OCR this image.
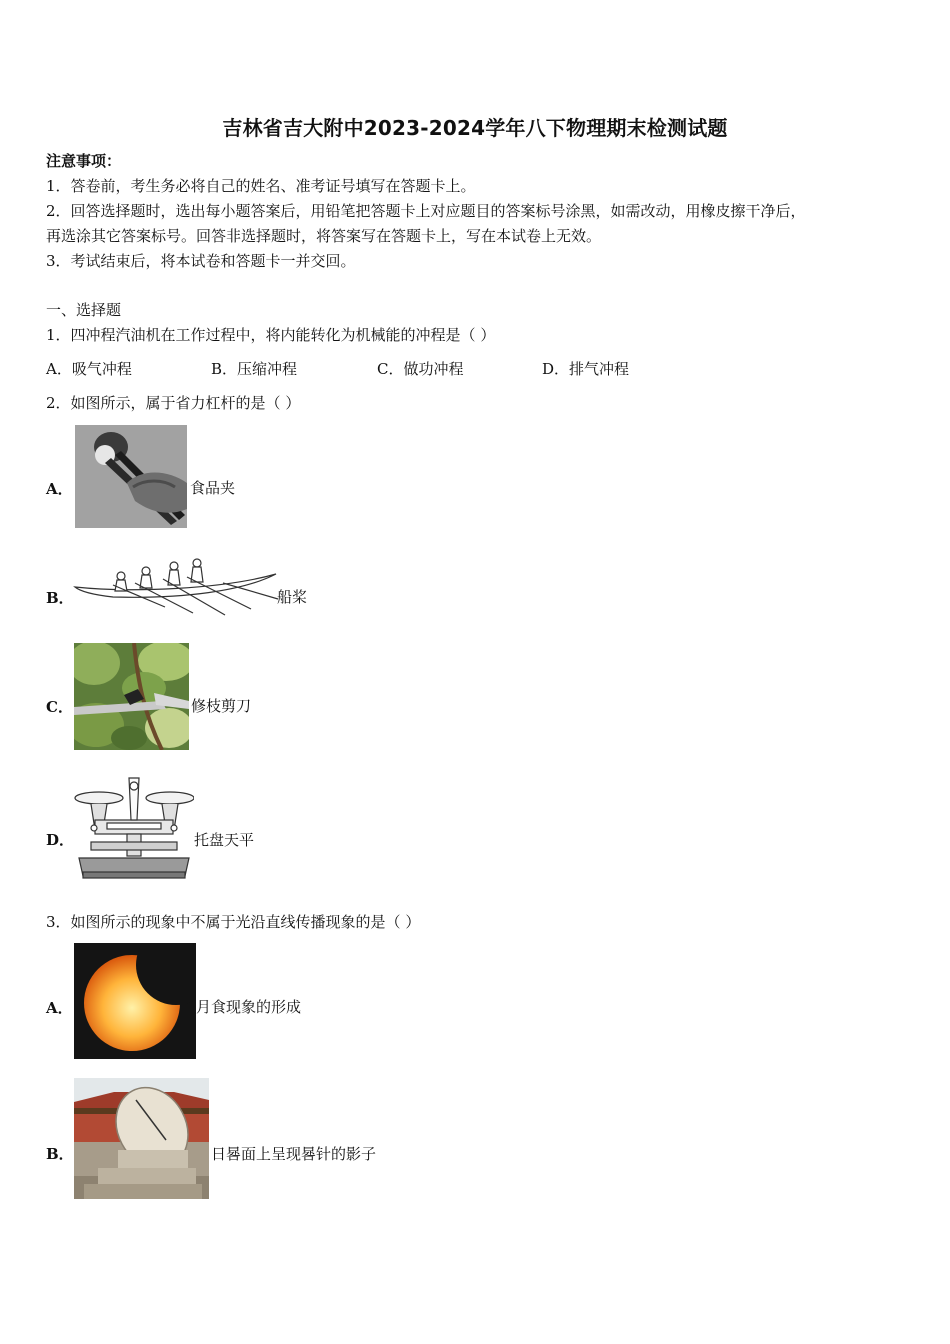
吉林省吉大附中2023-2024学年八下物理期末检测试题
注意事项：
1．答卷前，考生务必将自己的姓名、准考证号填写在答题卡上。
2．回答选择题时，选出每小题答案后，用铅笔把答题卡上对应题目的答案标号涂黑，如需改动，用橡皮擦干净后，
再选涂其它答案标号。回答非选择题时，将答案写在答题卡上，写在本试卷上无效。
3．考试结束后，将本试卷和答题卡一并交回。
一、选择题
1．四冲程汽油机在工作过程中，将内能转化为机械能的冲程是（ ）
A．吸气冲程	B．压缩冲程	C．做功冲程	D．排气冲程
2．如图所示，属于省力杠杆的是（ ）
A．	食品夹
B．	船桨
C．	修枝剪刀
D．	托盘天平
3．如图所示的现象中不属于光沿直线传播现象的是（ ）
A．	月食现象的形成
B．	日晷面上呈现晷针的影子
